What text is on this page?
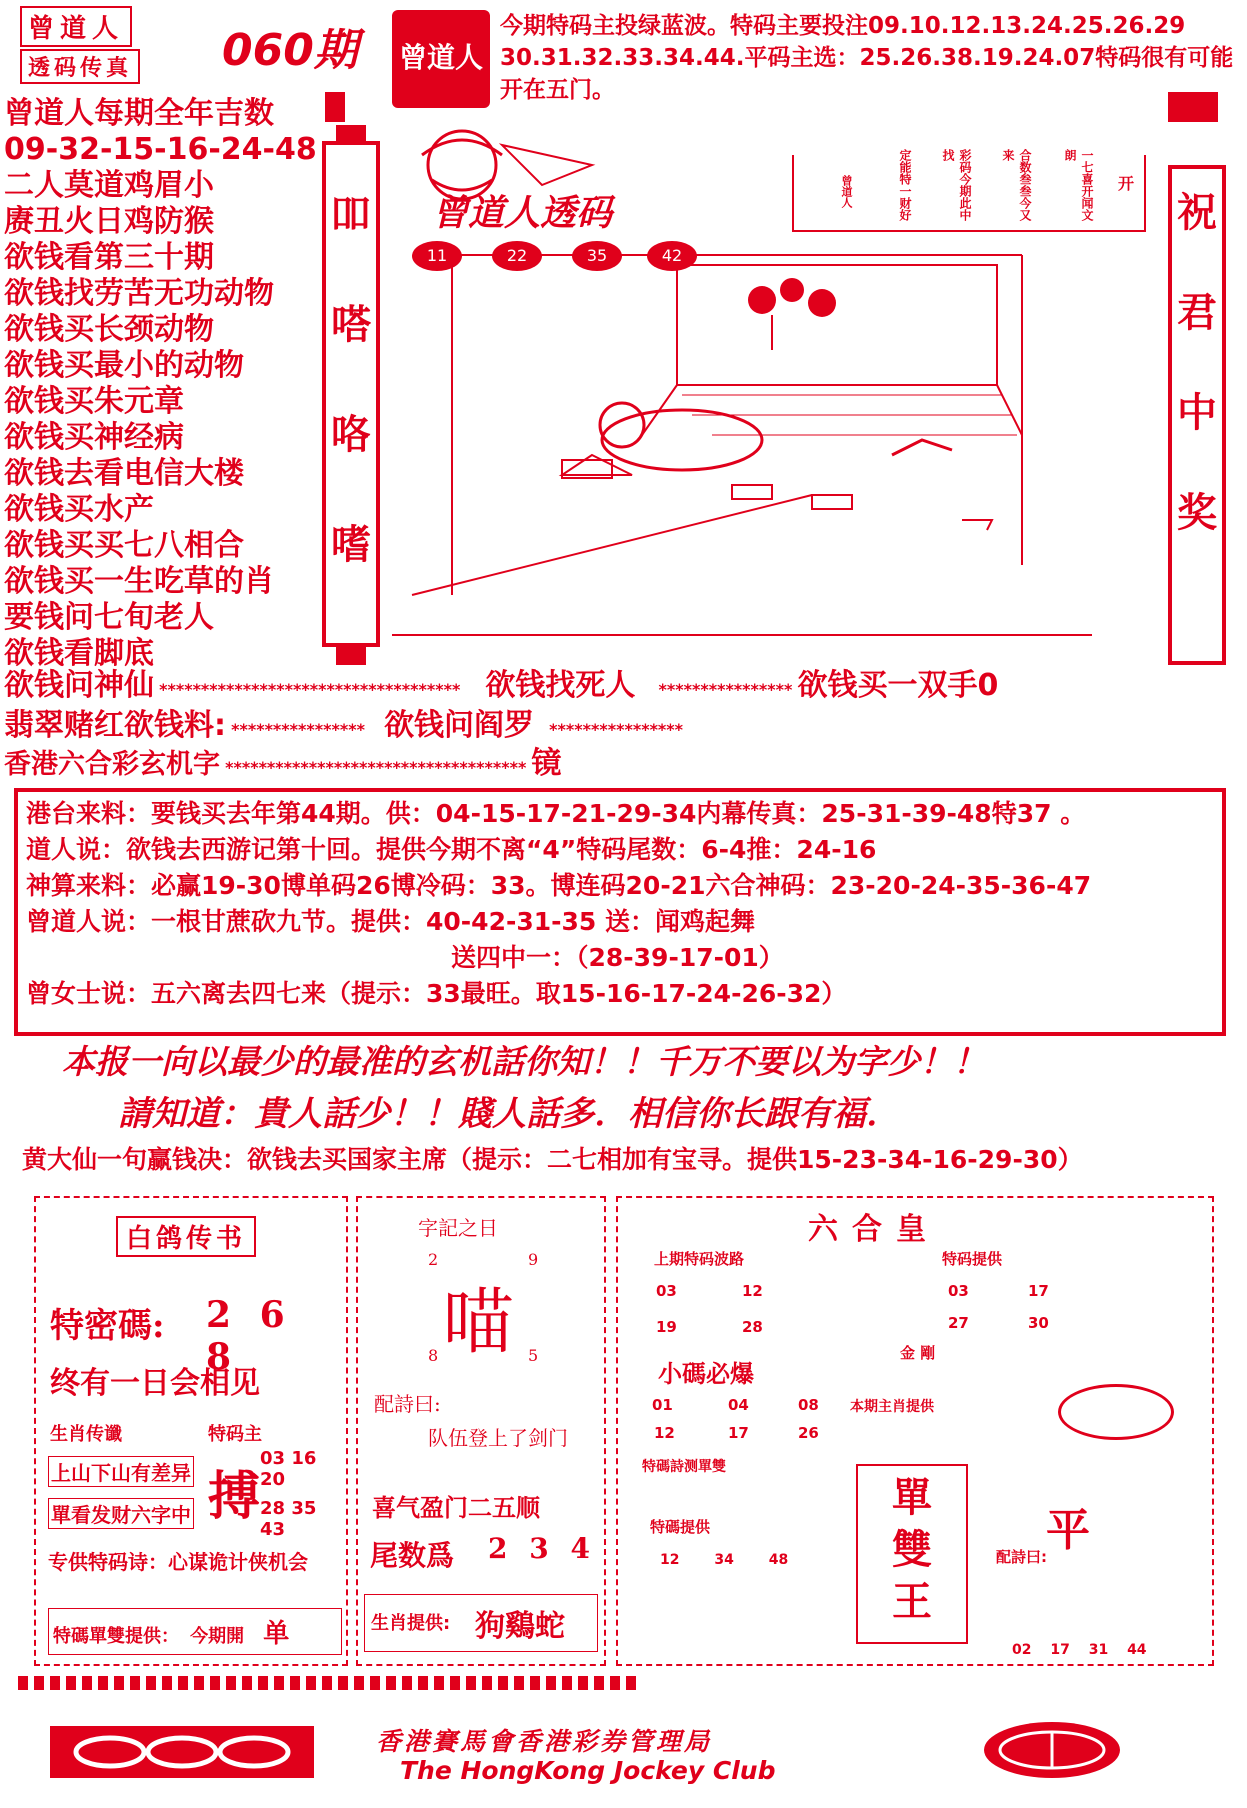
曾道人 透码传真	060期 曾道人
今期特码主投绿蓝波。特码主要投注09.10.12.13.24.25.26.29
30.31.32.33.34.44.平码主选：25.26.38.19.24.07特码很有可能
开在五门。
曾道人每期全年吉数
09-32-15-16-24-48
二人莫道鸡眉小
赓丑火日鸡防猴
欲钱看第三十期
欲钱找劳苦无功动物
欲钱买长颈动物
欲钱买最小的动物
欲钱买朱元章
欲钱买神经病
欲钱去看电信大楼
欲钱买水产
欲钱买买七八相合
欲钱买一生吃草的肖
要钱问七旬老人
欲钱看脚底
吅
嗒
咯
嗜
曾道人透码
11	22	35	42
一七喜开闻文朗
合数叁叁今又来
彩码今期此中找
定能特一财好
曾道人	开
祝
君
中
奖
欲钱问神仙 ************************************ 欲钱找死人 **************** 欲钱买一双手0
翡翠赌红欲钱料: **************** 欲钱问阎罗 ****************
香港六合彩玄机字 ************************************ 镜
港台来料：要钱买去年第44期。供：04-15-17-21-29-34内幕传真：25-31-39-48特37 。
道人说：欲钱去西游记第十回。提供今期不离“4”特码尾数：6-4推：24-16
神算来料：必赢19-30博单码26博冷码：33。博连码20-21六合神码：23-20-24-35-36-47
曾道人说：一根甘蔗砍九节。提供：40-42-31-35 送：闻鸡起舞
送四中一：（28-39-17-01）
曾女士说：五六离去四七来（提示：33最旺。取15-16-17-24-26-32）
本报一向以最少的最准的玄机話你知！！千万不要以为字少！！
請知道：貴人話少！！賤人話多．相信你长跟有福．
黄大仙一句赢钱决：欲钱去买国家主席（提示：二七相加有宝寻。提供15-23-34-16-29-30）
白鸽传书
特密碼: 2 6 8
终有一日会相见
生肖传谶	特码主
上山下山有差异
單看发财六字中 搏
03 16 20
28 35 43
专供特码诗：心谋诡计侠机会
特碼單雙提供： 今期開 单
字記之日
2	9
喵
8	5
配詩曰:
队伍登上了剑门
喜气盈门二五顺
尾数爲 2 3 4
生肖提供: 狗鷄蛇
六合皇
上期特码波路
03	12
19	28
特码提供
03	17
27	30
金 剛
小碼必爆
01	04	08
12	17	26
本期主肖提供
特碼詩测單雙
特碼提供
12 34 48
單
雙
王
平
配詩曰:
02 17 31 44
香港賽馬會香港彩券管理局
The HongKong Jockey Club
